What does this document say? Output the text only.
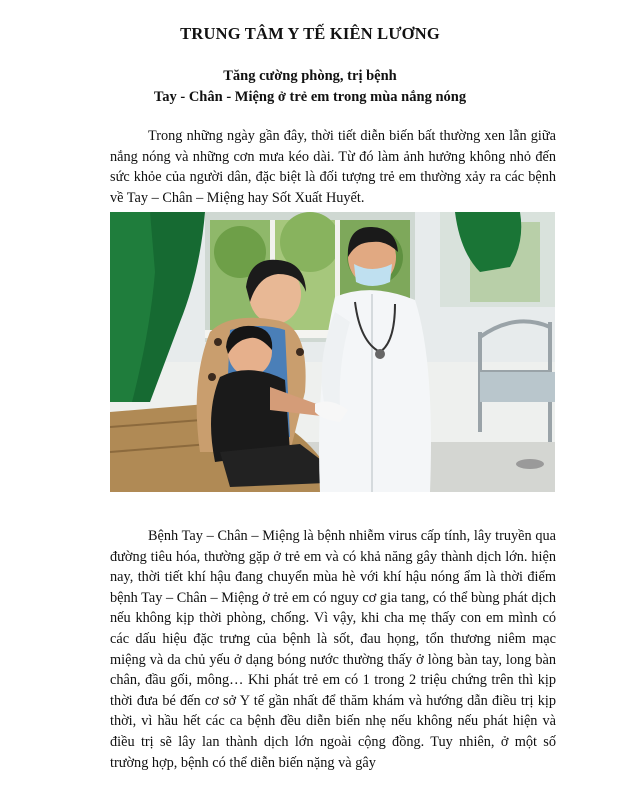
TRUNG TÂM Y TẾ KIÊN LƯƠNG
Tăng cường phòng, trị bệnh
Tay - Chân - Miệng ở trẻ em trong mùa nắng nóng

Trong những ngày gần đây, thời tiết diễn biến bất thường xen lẫn giữa nắng nóng và những cơn mưa kéo dài. Từ đó làm ảnh hưởng không nhỏ đến sức khỏe của người dân, đặc biệt là đối tượng trẻ em thường xảy ra các bệnh về Tay – Chân – Miệng hay Sốt Xuất Huyết.

Bệnh Tay – Chân – Miệng là bệnh nhiễm virus cấp tính, lây truyền qua đường tiêu hóa, thường gặp ở trẻ em và có khả năng gây thành dịch lớn. hiện nay, thời tiết khí hậu đang chuyển mùa hè với khí hậu nóng ẩm là thời điểm bệnh Tay – Chân – Miệng ở trẻ em có nguy cơ gia tang, có thể bùng phát dịch nếu không kịp thời phòng, chống. Vì vậy, khi cha mẹ thấy con em mình có các dấu hiệu đặc trưng của bệnh là sốt, đau họng, tổn thương niêm mạc miệng và da chủ yếu ở dạng bóng nước thường thấy ở lòng bàn tay, long bàn chân, đầu gối, mông… Khi phát trẻ em có 1 trong 2 triệu chứng trên thì kịp thời đưa bé đến cơ sở Y tế gần nhất để thăm khám và hướng dẫn điều trị kịp thời, vì hầu hết các ca bệnh đều diễn biến nhẹ nếu không nếu phát hiện và điều trị sẽ lây lan thành dịch lớn ngoài cộng đồng. Tuy nhiên, ở một số trường hợp, bệnh có thể diễn biến nặng và gây
